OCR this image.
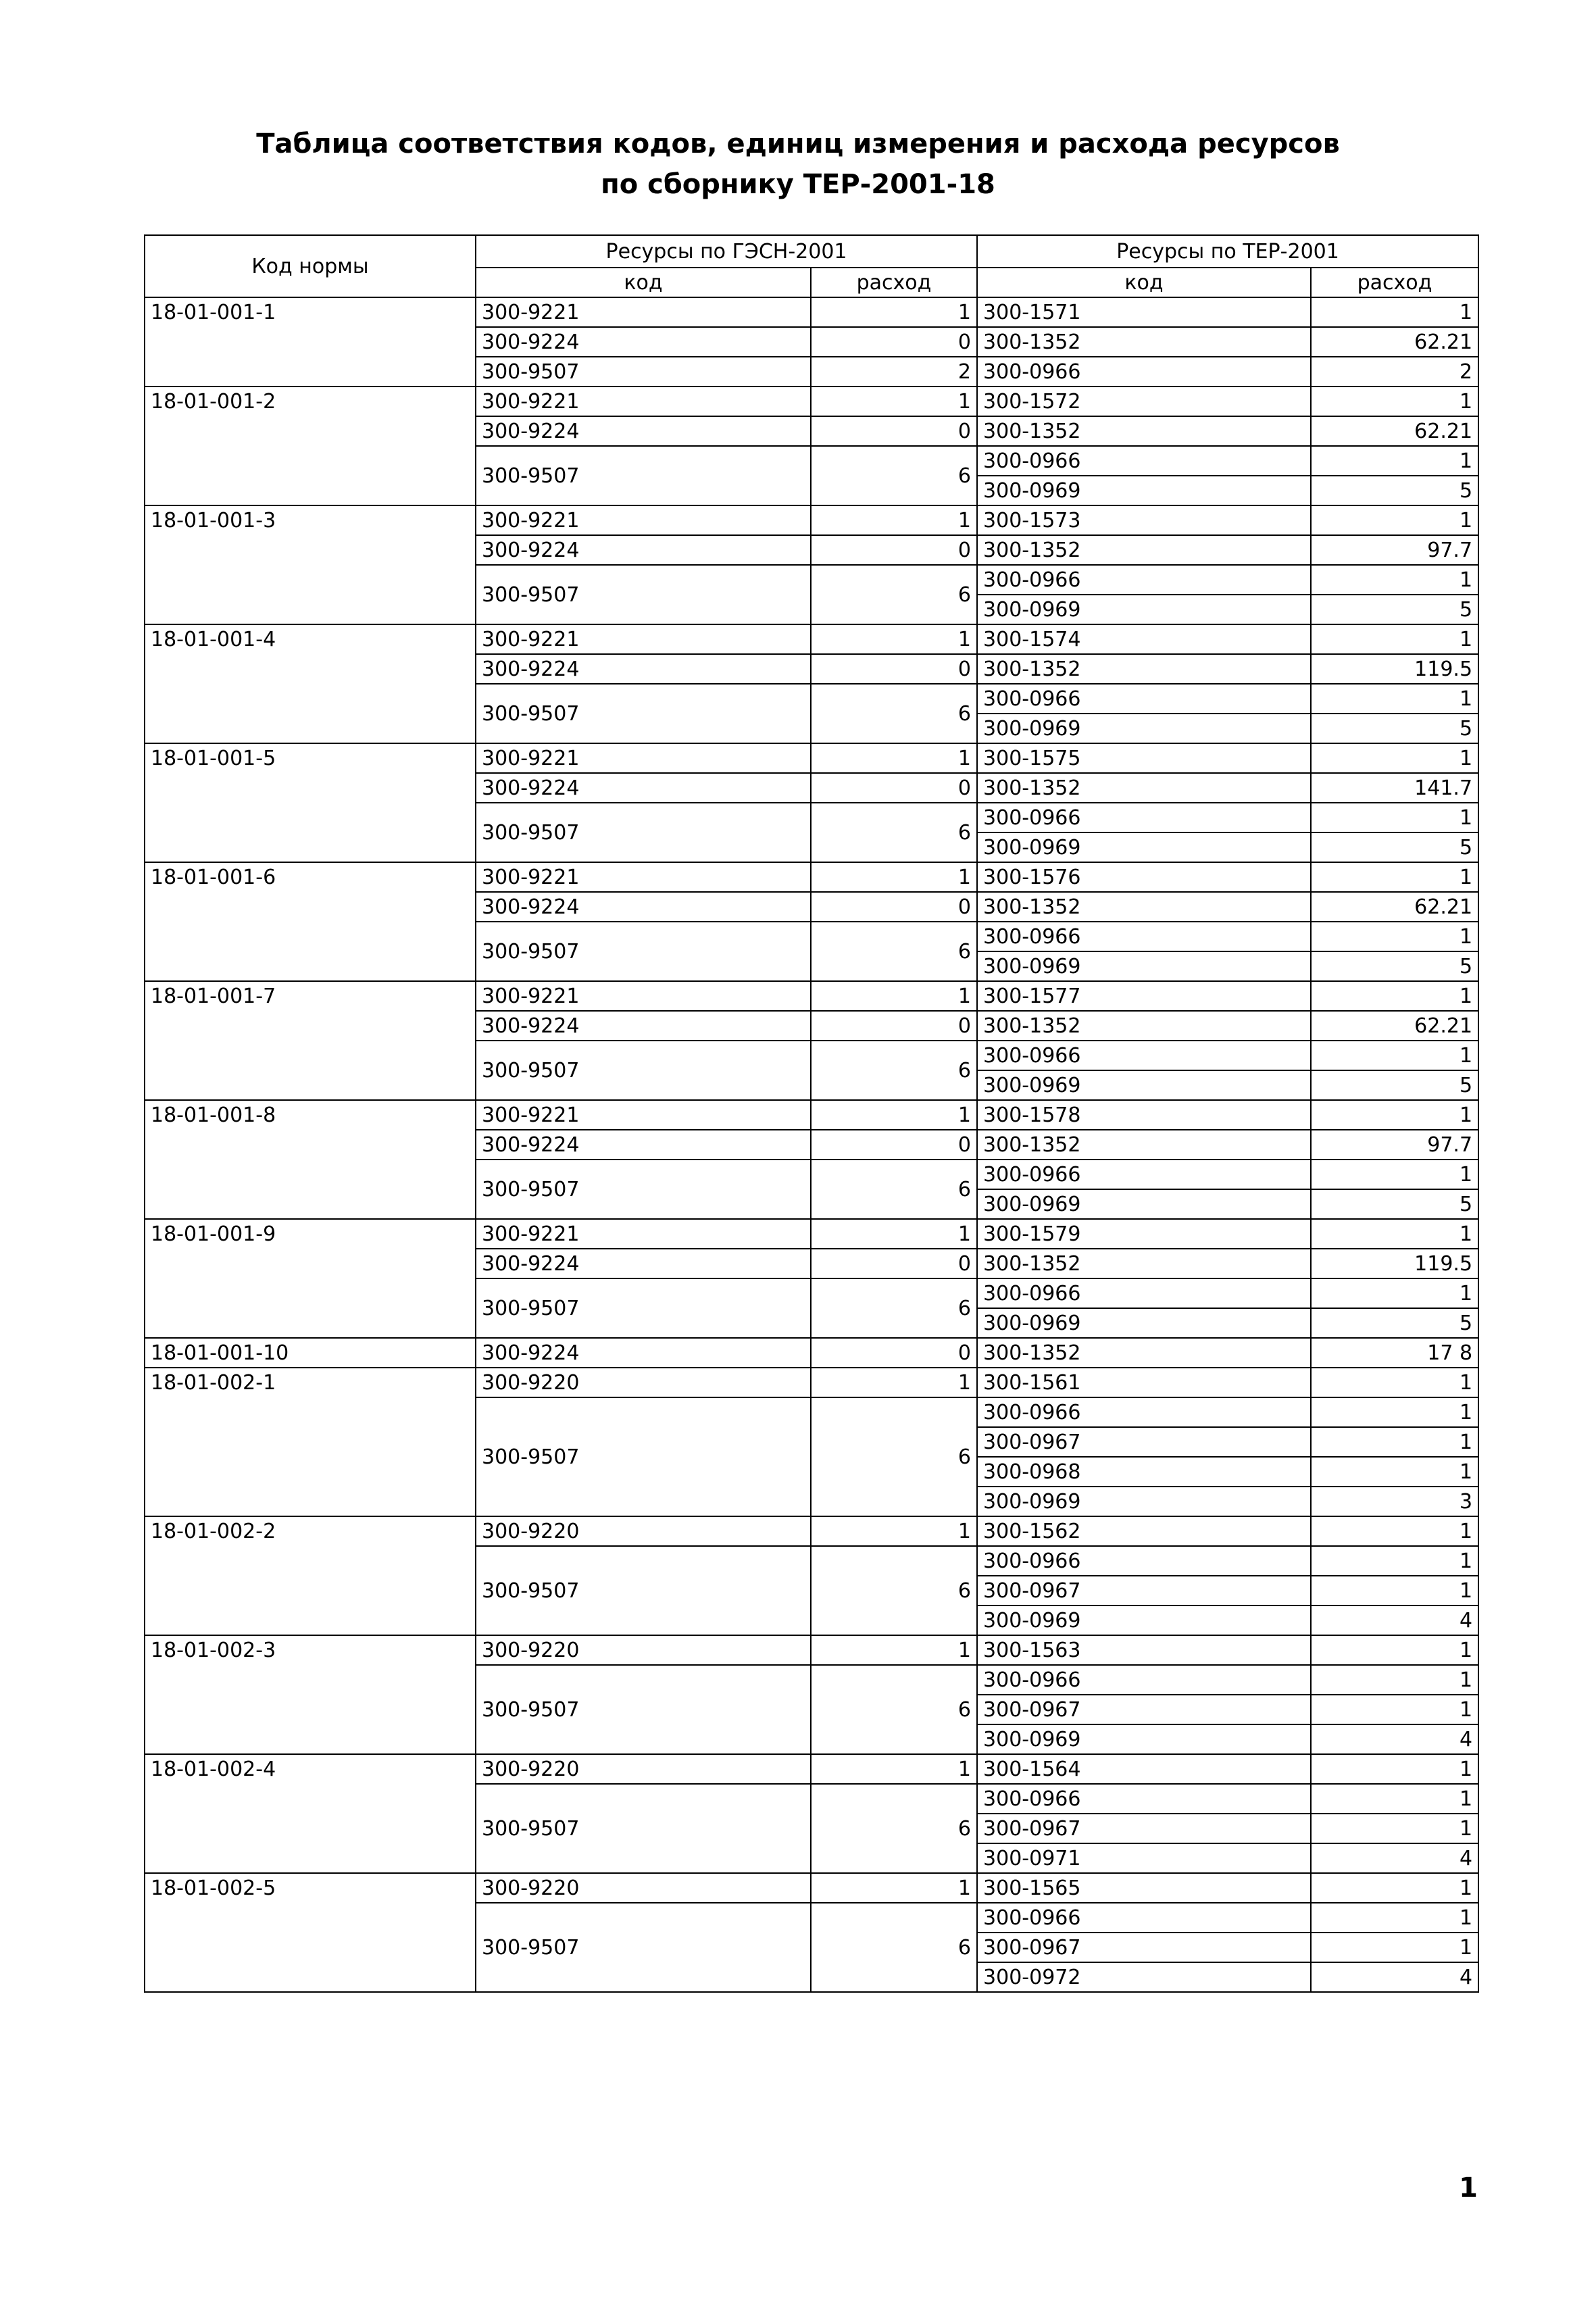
Таблица соответствия кодов, единиц измерения и расхода ресурсов
по сборнику ТЕР-2001-18
Код нормы	Ресурсы по ГЭСН-2001		Ресурсы по ТЕР-2001	
	код	расход	код	расход
18-01-001-1	300-9221	1	300-1571	1
	300-9224	0	300-1352	62.21
	300-9507	2	300-0966	2
18-01-001-2	300-9221	1	300-1572	1
	300-9224	0	300-1352	62.21
	300-9507	6	300-0966	1
			300-0969	5
18-01-001-3	300-9221	1	300-1573	1
	300-9224	0	300-1352	97.7
	300-9507	6	300-0966	1
			300-0969	5
18-01-001-4	300-9221	1	300-1574	1
	300-9224	0	300-1352	119.5
	300-9507	6	300-0966	1
			300-0969	5
18-01-001-5	300-9221	1	300-1575	1
	300-9224	0	300-1352	141.7
	300-9507	6	300-0966	1
			300-0969	5
18-01-001-6	300-9221	1	300-1576	1
	300-9224	0	300-1352	62.21
	300-9507	6	300-0966	1
			300-0969	5
18-01-001-7	300-9221	1	300-1577	1
	300-9224	0	300-1352	62.21
	300-9507	6	300-0966	1
			300-0969	5
18-01-001-8	300-9221	1	300-1578	1
	300-9224	0	300-1352	97.7
	300-9507	6	300-0966	1
			300-0969	5
18-01-001-9	300-9221	1	300-1579	1
	300-9224	0	300-1352	119.5
	300-9507	6	300-0966	1
			300-0969	5
18-01-001-10	300-9224	0	300-1352	17 8
18-01-002-1	300-9220	1	300-1561	1
	300-9507	6	300-0966	1
			300-0967	1
			300-0968	1
			300-0969	3
18-01-002-2	300-9220	1	300-1562	1
	300-9507	6	300-0966	1
			300-0967	1
			300-0969	4
18-01-002-3	300-9220	1	300-1563	1
	300-9507	6	300-0966	1
			300-0967	1
			300-0969	4
18-01-002-4	300-9220	1	300-1564	1
	300-9507	6	300-0966	1
			300-0967	1
			300-0971	4
18-01-002-5	300-9220	1	300-1565	1
	300-9507	6	300-0966	1
			300-0967	1
			300-0972	4
1
